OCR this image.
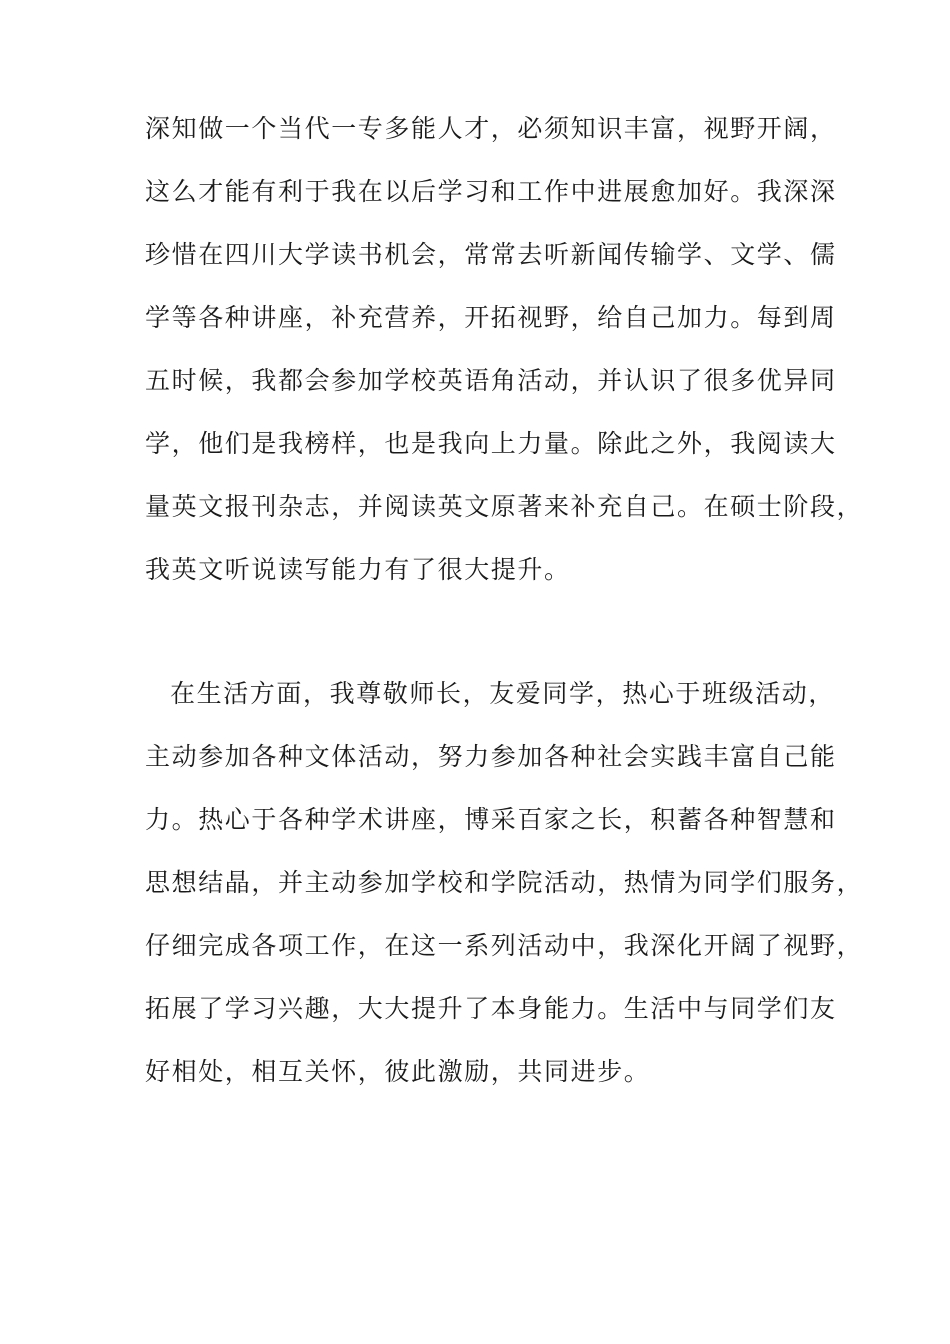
深知做一个当代一专多能人才，必须知识丰富，视野开阔，
这么才能有利于我在以后学习和工作中进展愈加好。我深深
珍惜在四川大学读书机会，常常去听新闻传输学、文学、儒
学等各种讲座，补充营养，开拓视野，给自己加力。每到周
五时候，我都会参加学校英语角活动，并认识了很多优异同
学，他们是我榜样，也是我向上力量。除此之外，我阅读大
量英文报刊杂志，并阅读英文原著来补充自己。在硕士阶段，
我英文听说读写能力有了很大提升。
在生活方面，我尊敬师长，友爱同学，热心于班级活动，
主动参加各种文体活动，努力参加各种社会实践丰富自己能
力。热心于各种学术讲座，博采百家之长，积蓄各种智慧和
思想结晶，并主动参加学校和学院活动，热情为同学们服务，
仔细完成各项工作，在这一系列活动中，我深化开阔了视野，
拓展了学习兴趣，大大提升了本身能力。生活中与同学们友
好相处，相互关怀，彼此激励，共同进步。
